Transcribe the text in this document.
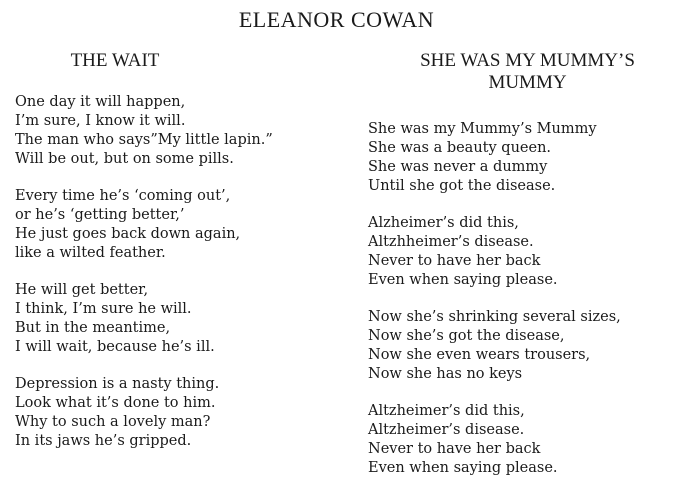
ELEANOR COWAN
THE WAIT	SHE WAS MY MUMMY’S
MUMMY
One day it will happen,
I’m sure, I know it will.
The man who says”My little lapin.”
Will be out, but on some pills.
Every time he’s ‘coming out’,
or he’s ‘getting better,’
He just goes back down again,
like a wilted feather.
He will get better,
I think, I’m sure he will.
But in the meantime,
I will wait, because he’s ill.
Depression is a nasty thing.
Look what it’s done to him.
Why to such a lovely man?
In its jaws he’s gripped.
She was my Mummy’s Mummy
She was a beauty queen.
She was never a dummy
Until she got the disease.
Alzheimer’s did this,
Altzhheimer’s disease.
Never to have her back
Even when saying please.
Now she’s shrinking several sizes,
Now she’s got the disease,
Now she even wears trousers,
Now she has no keys
Altzheimer’s did this,
Altzheimer’s disease.
Never to have her back
Even when saying please.
